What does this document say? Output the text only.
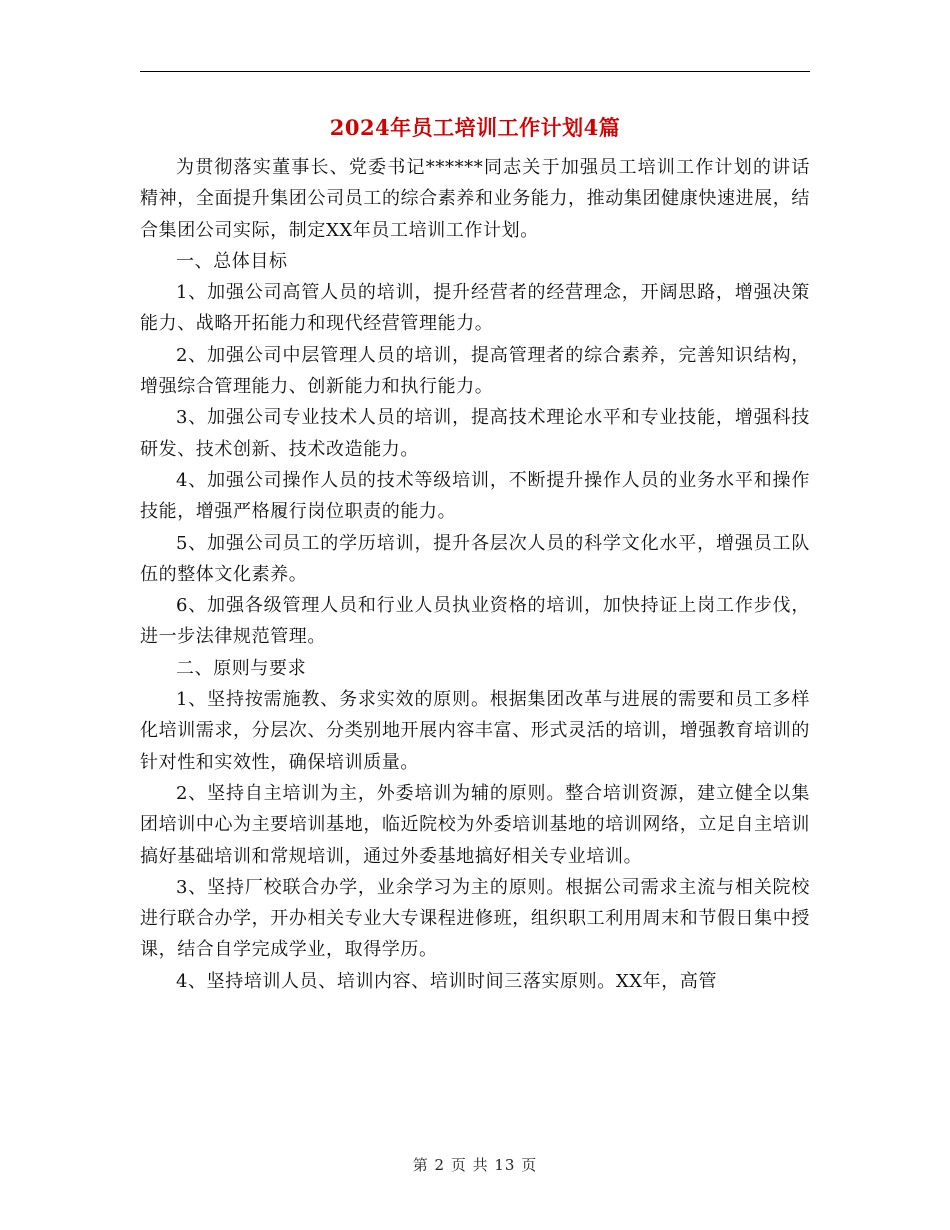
2024年员工培训工作计划4篇

为贯彻落实董事长、党委书记******同志关于加强员工培训工作计划的讲话精神，全面提升集团公司员工的综合素养和业务能力，推动集团健康快速进展，结合集团公司实际，制定XX年员工培训工作计划。

一、总体目标

1、加强公司高管人员的培训，提升经营者的经营理念，开阔思路，增强决策能力、战略开拓能力和现代经营管理能力。

2、加强公司中层管理人员的培训，提高管理者的综合素养，完善知识结构，增强综合管理能力、创新能力和执行能力。

3、加强公司专业技术人员的培训，提高技术理论水平和专业技能，增强科技研发、技术创新、技术改造能力。

4、加强公司操作人员的技术等级培训，不断提升操作人员的业务水平和操作技能，增强严格履行岗位职责的能力。

5、加强公司员工的学历培训，提升各层次人员的科学文化水平，增强员工队伍的整体文化素养。

6、加强各级管理人员和行业人员执业资格的培训，加快持证上岗工作步伐，进一步法律规范管理。

二、原则与要求

1、坚持按需施教、务求实效的原则。根据集团改革与进展的需要和员工多样化培训需求，分层次、分类别地开展内容丰富、形式灵活的培训，增强教育培训的针对性和实效性，确保培训质量。

2、坚持自主培训为主，外委培训为辅的原则。整合培训资源，建立健全以集团培训中心为主要培训基地，临近院校为外委培训基地的培训网络，立足自主培训搞好基础培训和常规培训，通过外委基地搞好相关专业培训。

3、坚持厂校联合办学，业余学习为主的原则。根据公司需求主流与相关院校进行联合办学，开办相关专业大专课程进修班，组织职工利用周末和节假日集中授课，结合自学完成学业，取得学历。

4、坚持培训人员、培训内容、培训时间三落实原则。XX年，高管

第 2 页 共 13 页
